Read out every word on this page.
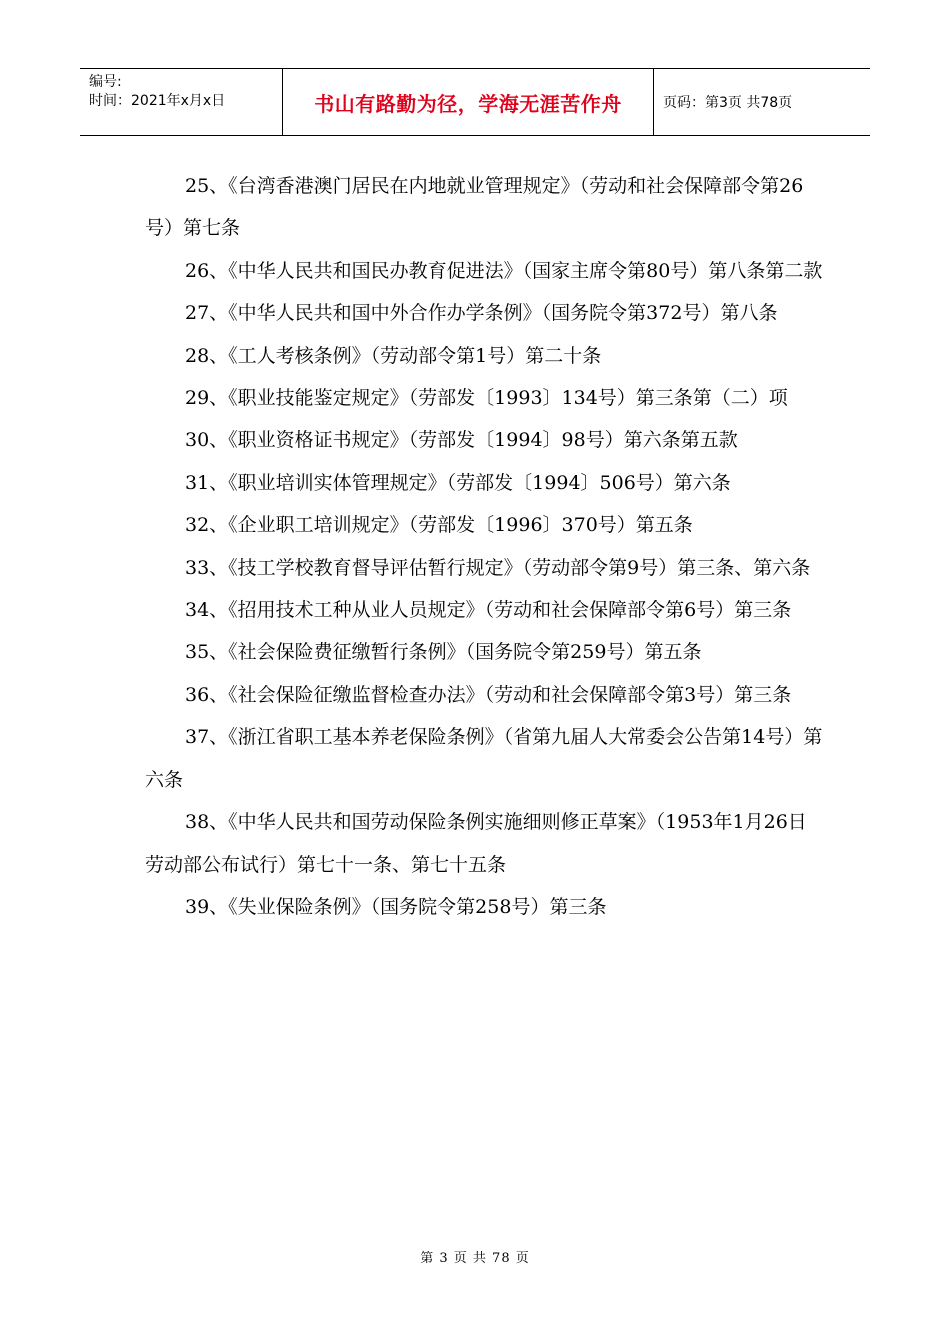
编号:
时间：2021年x月x日	书山有路勤为径，学海无涯苦作舟	页码：第3页 共78页

25、《台湾香港澳门居民在内地就业管理规定》（劳动和社会保障部令第26号）第七条

26、《中华人民共和国民办教育促进法》（国家主席令第80号）第八条第二款

27、《中华人民共和国中外合作办学条例》（国务院令第372号）第八条

28、《工人考核条例》（劳动部令第1号）第二十条

29、《职业技能鉴定规定》（劳部发〔1993〕134号）第三条第（二）项

30、《职业资格证书规定》（劳部发〔1994〕98号）第六条第五款

31、《职业培训实体管理规定》（劳部发〔1994〕506号）第六条

32、《企业职工培训规定》（劳部发〔1996〕370号）第五条

33、《技工学校教育督导评估暂行规定》（劳动部令第9号）第三条、第六条

34、《招用技术工种从业人员规定》（劳动和社会保障部令第6号）第三条

35、《社会保险费征缴暂行条例》（国务院令第259号）第五条

36、《社会保险征缴监督检查办法》（劳动和社会保障部令第3号）第三条

37、《浙江省职工基本养老保险条例》（省第九届人大常委会公告第14号）第六条

38、《中华人民共和国劳动保险条例实施细则修正草案》（1953年1月26日劳动部公布试行）第七十一条、第七十五条

39、《失业保险条例》（国务院令第258号）第三条

第 3 页 共 78 页
